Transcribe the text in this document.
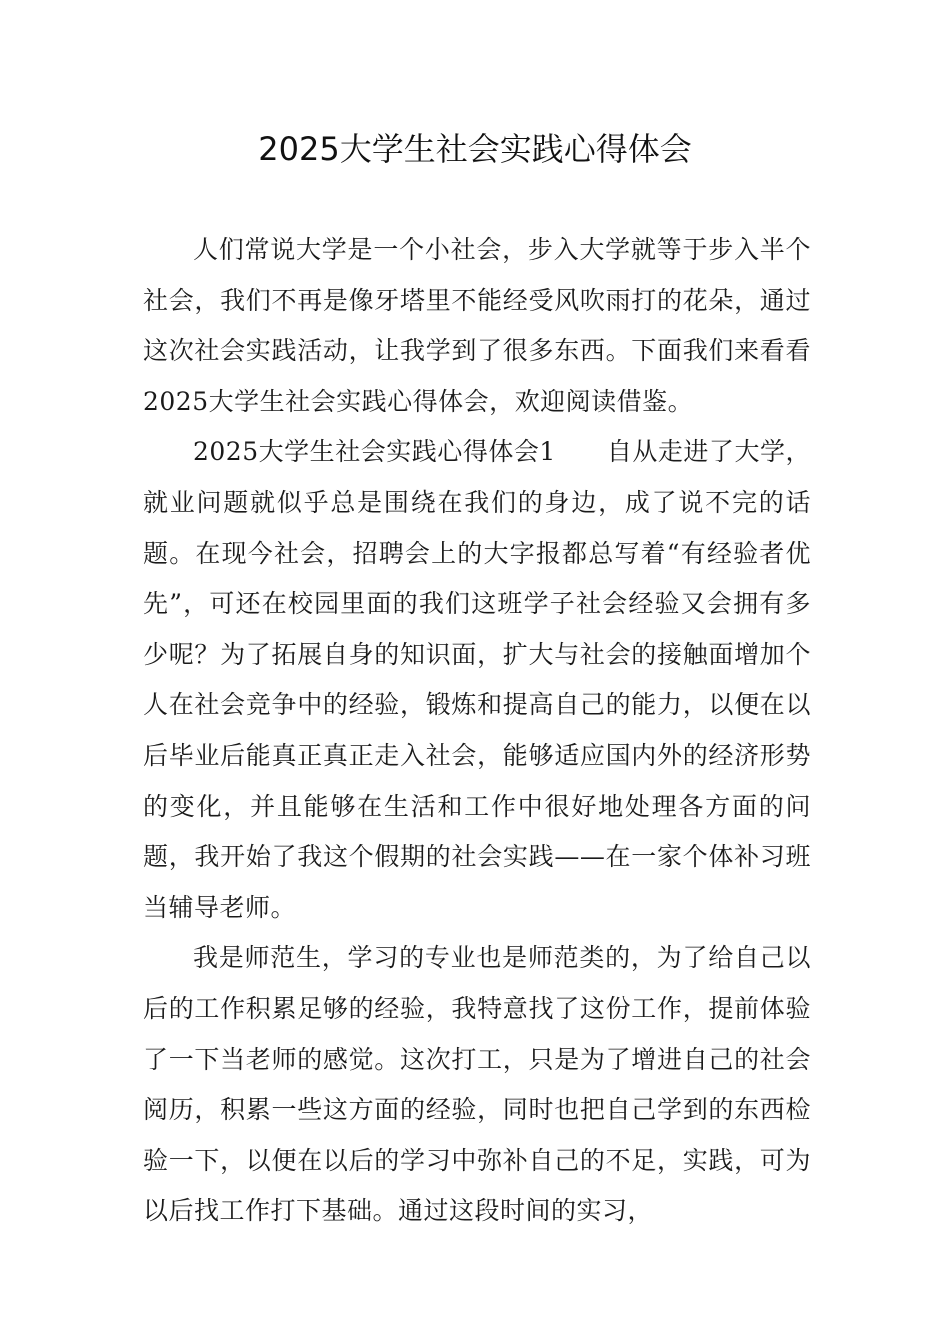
2025大学生社会实践心得体会

人们常说大学是一个小社会，步入大学就等于步入半个社会，我们不再是像牙塔里不能经受风吹雨打的花朵，通过这次社会实践活动，让我学到了很多东西。下面我们来看看2025大学生社会实践心得体会，欢迎阅读借鉴。

2025大学生社会实践心得体会1　　自从走进了大学，就业问题就似乎总是围绕在我们的身边，成了说不完的话题。在现今社会，招聘会上的大字报都总写着“有经验者优先”，可还在校园里面的我们这班学子社会经验又会拥有多少呢？为了拓展自身的知识面，扩大与社会的接触面增加个人在社会竞争中的经验，锻炼和提高自己的能力，以便在以后毕业后能真正真正走入社会，能够适应国内外的经济形势的变化，并且能够在生活和工作中很好地处理各方面的问题，我开始了我这个假期的社会实践——在一家个体补习班当辅导老师。

我是师范生，学习的专业也是师范类的，为了给自己以后的工作积累足够的经验，我特意找了这份工作，提前体验了一下当老师的感觉。这次打工，只是为了增进自己的社会阅历，积累一些这方面的经验，同时也把自己学到的东西检验一下，以便在以后的学习中弥补自己的不足，实践，可为以后找工作打下基础。通过这段时间的实习，
